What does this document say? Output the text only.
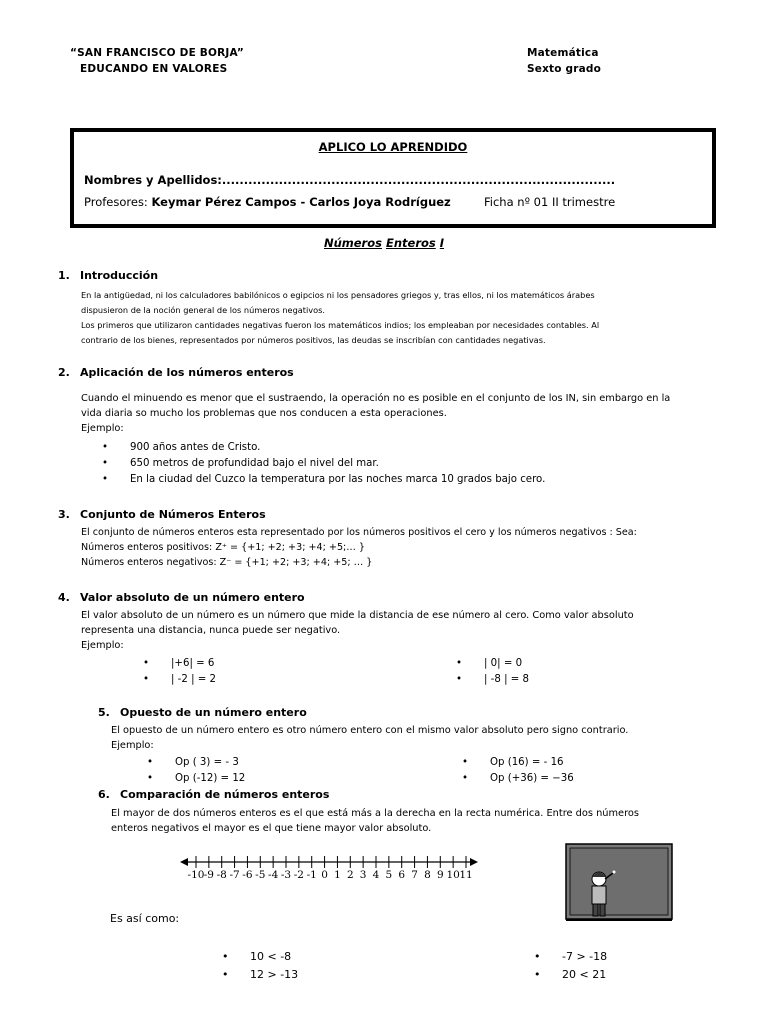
“SAN FRANCISCO DE BORJA”
EDUCANDO EN VALORES
Matemática
Sexto grado
APLICO LO APRENDIDO
Nombres y Apellidos:..........................................................................................
Profesores: Keymar Pérez Campos - Carlos Joya Rodríguez	Ficha nº 01 II trimestre
Números Enteros I
1. Introducción
En la antigüedad, ni los calculadores babilónicos o egipcios ni los pensadores griegos y, tras ellos, ni los matemáticos árabes
dispusieron de la noción general de los números negativos.
Los primeros que utilizaron cantidades negativas fueron los matemáticos indios; los empleaban por necesidades contables. Al
contrario de los bienes, representados por números positivos, las deudas se inscribían con cantidades negativas.
2. Aplicación de los números enteros
Cuando el minuendo es menor que el sustraendo, la operación no es posible en el conjunto de los IN, sin embargo en la
vida diaria so mucho los problemas que nos conducen a esta operaciones.
Ejemplo:
• 900 años antes de Cristo.
• 650 metros de profundidad bajo el nivel del mar.
• En la ciudad del Cuzco la temperatura por las noches marca 10 grados bajo cero.
3. Conjunto de Números Enteros
El conjunto de números enteros esta representado por los números positivos el cero y los números negativos : Sea:
Números enteros positivos: Z⁺ = {+1; +2; +3; +4; +5;… }
Números enteros negativos: Z⁻ = {+1; +2; +3; +4; +5; … }
4. Valor absoluto de un número entero
El valor absoluto de un número es un número que mide la distancia de ese número al cero. Como valor absoluto
representa una distancia, nunca puede ser negativo.
Ejemplo:
• |+6| = 6
• | -2 | = 2
• | 0| = 0
• | -8 | = 8
5. Opuesto de un número entero
El opuesto de un número entero es otro número entero con el mismo valor absoluto pero signo contrario.
Ejemplo:
• Op ( 3) = - 3
• Op (-12) = 12
• Op (16) = - 16
• Op (+36) = −36
6. Comparación de números enteros
El mayor de dos números enteros es el que está más a la derecha en la recta numérica. Entre dos números
enteros negativos el mayor es el que tiene mayor valor absoluto.
-10 -9 -8 -7 -6 -5 -4 -3 -2 -1 0 1 2 3 4 5 6 7 8 9 10 11
Es así como:
• 10 < -8
• 12 > -13
• -7 > -18
• 20 < 21
